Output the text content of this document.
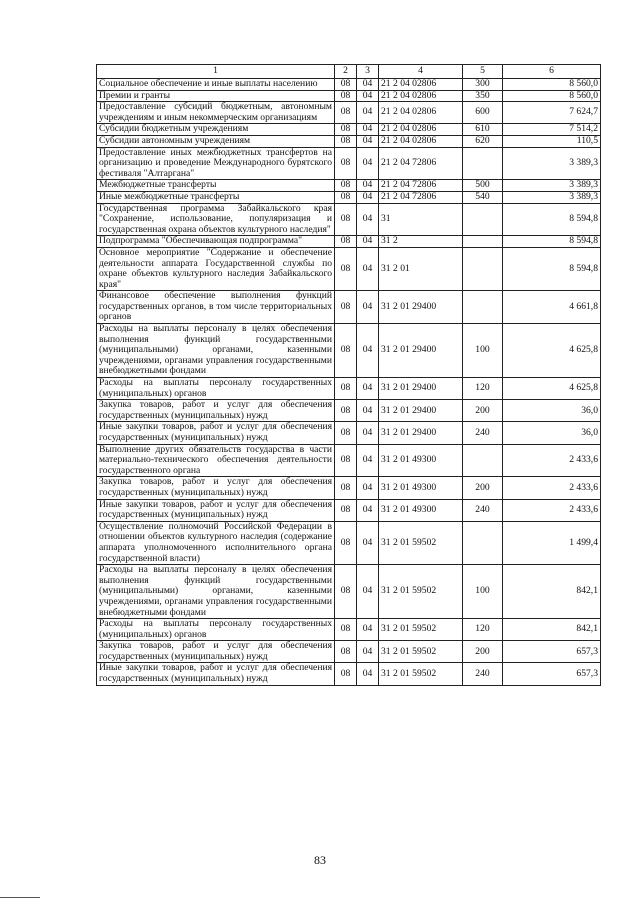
1	2	3	4	5	6
Социальное обеспечение и иные выплаты населению	08	04	21 2 04 02806	300	8 560,0
Премии и гранты	08	04	21 2 04 02806	350	8 560,0
Предоставление субсидий бюджетным, автономным учреждениям и иным некоммерческим организациям	08	04	21 2 04 02806	600	7 624,7
Субсидии бюджетным учреждениям	08	04	21 2 04 02806	610	7 514,2
Субсидии автономным учреждениям	08	04	21 2 04 02806	620	110,5
Предоставление иных межбюджетных трансфертов на организацию и проведение Международного бурятского фестиваля "Алтаргана"	08	04	21 2 04 72806		3 389,3
Межбюджетные трансферты	08	04	21 2 04 72806	500	3 389,3
Иные межбюджетные трансферты	08	04	21 2 04 72806	540	3 389,3
Государственная программа Забайкальского края "Сохранение, использование, популяризация и государственная охрана объектов культурного наследия"	08	04	31		8 594,8
Подпрограмма "Обеспечивающая подпрограмма"	08	04	31 2		8 594,8
Основное мероприятие "Содержание и обеспечение деятельности аппарата Государственной службы по охране объектов культурного наследия Забайкальского края"	08	04	31 2 01		8 594,8
Финансовое обеспечение выполнения функций государственных органов, в том числе территориальных органов	08	04	31 2 01 29400		4 661,8
Расходы на выплаты персоналу в целях обеспечения выполнения функций государственными (муниципальными) органами, казенными учреждениями, органами управления государственными внебюджетными фондами	08	04	31 2 01 29400	100	4 625,8
Расходы на выплаты персоналу государственных (муниципальных) органов	08	04	31 2 01 29400	120	4 625,8
Закупка товаров, работ и услуг для обеспечения государственных (муниципальных) нужд	08	04	31 2 01 29400	200	36,0
Иные закупки товаров, работ и услуг для обеспечения государственных (муниципальных) нужд	08	04	31 2 01 29400	240	36,0
Выполнение других обязательств государства в части материально-технического обеспечения деятельности государственного органа	08	04	31 2 01 49300		2 433,6
Закупка товаров, работ и услуг для обеспечения государственных (муниципальных) нужд	08	04	31 2 01 49300	200	2 433,6
Иные закупки товаров, работ и услуг для обеспечения государственных (муниципальных) нужд	08	04	31 2 01 49300	240	2 433,6
Осуществление полномочий Российской Федерации в отношении объектов культурного наследия (содержание аппарата уполномоченного исполнительного органа государственной власти)	08	04	31 2 01 59502		1 499,4
Расходы на выплаты персоналу в целях обеспечения выполнения функций государственными (муниципальными) органами, казенными учреждениями, органами управления государственными внебюджетными фондами	08	04	31 2 01 59502	100	842,1
Расходы на выплаты персоналу государственных (муниципальных) органов	08	04	31 2 01 59502	120	842,1
Закупка товаров, работ и услуг для обеспечения государственных (муниципальных) нужд	08	04	31 2 01 59502	200	657,3
Иные закупки товаров, работ и услуг для обеспечения государственных (муниципальных) нужд	08	04	31 2 01 59502	240	657,3
83
